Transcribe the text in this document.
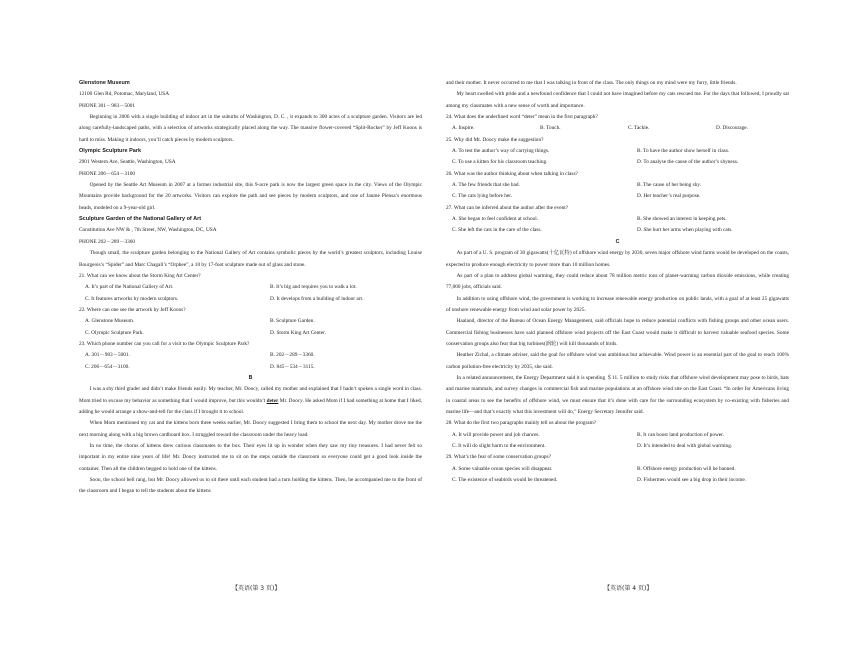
Glenstone Museum

12100 Glen Rd, Potomac, Maryland, USA

PHONE 301－983－5001

Beginning in 2006 with a single building of indoor art in the suburbs of Washington, D. C. , it expands to 300 acres of a sculpture garden. Visitors are led along carefully-landscaped paths, with a selection of artworks strategically placed along the way. The massive flower-covered “Split-Rocker” by Jeff Koons is hard to miss. Making it indoors, you’ll catch pieces by modern sculptors.

Olympic Sculpture Park

2901 Western Ave, Seattle, Washington, USA

PHONE 206－654－3100

Opened by the Seattle Art Museum in 2007 at a former industrial site, this 9-acre park is now the largest green space in the city. Views of the Olympic Mountains provide background for the 20 artworks. Visitors can explore the path and see pieces by modern sculptors, and one of Jaume Plensa’s enormous heads, modeled on a 9-year-old girl.

Sculpture Garden of the National Gallery of Art

Constitution Ave NW & , 7th Street, NW, Washington, DC, USA

PHONE 202－289－3360

Though small, the sculpture garden belonging to the National Gallery of Art contains symbolic pieces by the world’s greatest sculptors, including Louise Bourgeois’s “Spider” and Marc Chagall’s “Orphee”, a 10 by 17-foot sculpture made out of glass and stone.

21. What can we know about the Storm King Art Center?

A. It’s part of the National Gallery of Art.	B. It’s big and requires you to walk a lot.
C. It features artworks by modern sculptors.	D. It develops from a building of indoor art.

22. Where can one see the artwork by Jeff Koons?

A. Glenstone Museum.	B. Sculpture Garden.
C. Olympic Sculpture Park.	D. Storm King Art Center.

23. Which phone number can you call for a visit to the Olympic Sculpture Park?

A. 301－983－5001.	B. 202－289－3360.
C. 206－654－3100.	D. 845－534－3115.

B

I was a shy third grader and didn’t make friends easily. My teacher, Mr. Doocy, called my mother and explained that I hadn’t spoken a single word in class. Mom tried to excuse my behavior as something that I would improve, but this wouldn’t deter Mr. Doocy. He asked Mom if I had something at home that I liked, adding he would arrange a show-and-tell for the class if I brought it to school.

When Mom mentioned my cat and the kittens born three weeks earlier, Mr. Doocy suggested I bring them to school the next day. My mother drove me the next morning along with a big brown cardboard box. I struggled toward the classroom under the heavy load.

In no time, the chorus of kittens drew curious classmates to the box. Their eyes lit up in wonder when they saw my tiny treasures. I had never felt so important in my entire nine years of life! Mr. Doocy instructed me to sit on the steps outside the classroom so everyone could get a good look inside the container. Then all the children begged to hold one of the kittens.

Soon, the school bell rang, but Mr. Doocy allowed us to sit there until each student had a turn holding the kittens. Then, he accompanied me to the front of the classroom and I began to tell the students about the kittens

and their mother. It never occurred to me that I was talking in front of the class. The only things on my mind were my furry, little friends.

My heart swelled with pride and a newfound confidence that I could not have imagined before my cats rescued me. For the days that followed, I proudly sat among my classmates with a new sense of worth and importance.

24. What does the underlined word “deter” mean in the first paragraph?

A. Inspire.	B. Touch.	C. Tackle.	D. Discourage.

25. Why did Mr. Doocy make the suggestion?

A. To test the author’s way of carrying things.	B. To have the author show herself in class.
C. To use a kitten for his classroom teaching.	D. To analyse the cause of the author’s shyness.

26. What was the author thinking about when talking in class?

A. The few friends that she had.	B. The cause of her being shy.
C. The cats lying before her.	D. Her teacher’s real purpose.

27. What can be inferred about the author after the event?

A. She began to feel confident at school.	B. She showed an interest in keeping pets.
C. She left the cats in the care of the class.	D. She hurt her arms when playing with cats.

C

As part of a U. S. program of 30 gigawatts(十亿瓦特) of offshore wind energy by 2030, seven major offshore wind farms would be developed on the coasts, expected to produce enough electricity to power more than 10 million homes.

As part of a plan to address global warming, they could reduce about 78 million metric tons of planet-warming carbon dioxide emissions, while creating 77,000 jobs, officials said.

In addition to using offshore wind, the government is working to increase renewable energy production on public lands, with a goal of at least 25 gigawatts of onshore renewable energy from wind and solar power by 2025.

Haaland, director of the Bureau of Ocean Energy Management, said officials hope to reduce potential conflicts with fishing groups and other ocean users. Commercial fishing businesses have said planned offshore wind projects off the East Coast would make it difficult to harvest valuable seafood species. Some conservation groups also fear that big turbines(涡轮) will kill thousands of birds.

Heather Zichal, a climate adviser, said the goal for offshore wind was ambitious but achievable. Wind power is an essential part of the goal to reach 100% carbon pollution-free electricity by 2035, she said.

In a related announcement, the Energy Department said it is spending ＄11. 5 million to study risks that offshore wind development may pose to birds, bats and marine mammals, and survey changes in commercial fish and marine populations at an offshore wind site on the East Coast. “In order for Americans living in coastal areas to see the benefits of offshore wind, we must ensure that it’s done with care for the surrounding ecosystem by co-existing with fisheries and marine life—and that’s exactly what this investment will do,” Energy Secretary Jennifer said.

28. What do the first two paragraphs mainly tell us about the program?

A. It will provide power and job chances.	B. It can boost land production of power.
C. It will do slight harm to the environment.	D. It’s intended to deal with global warming.

29. What’s the fear of some conservation groups?

A. Some valuable ocean species will disappear.	B. Offshore energy production will be banned.
C. The existence of seabirds would be threatened.	D. Fishermen would see a big drop in their income.
【英语(第 3 页)】	【英语(第 4 页)】
